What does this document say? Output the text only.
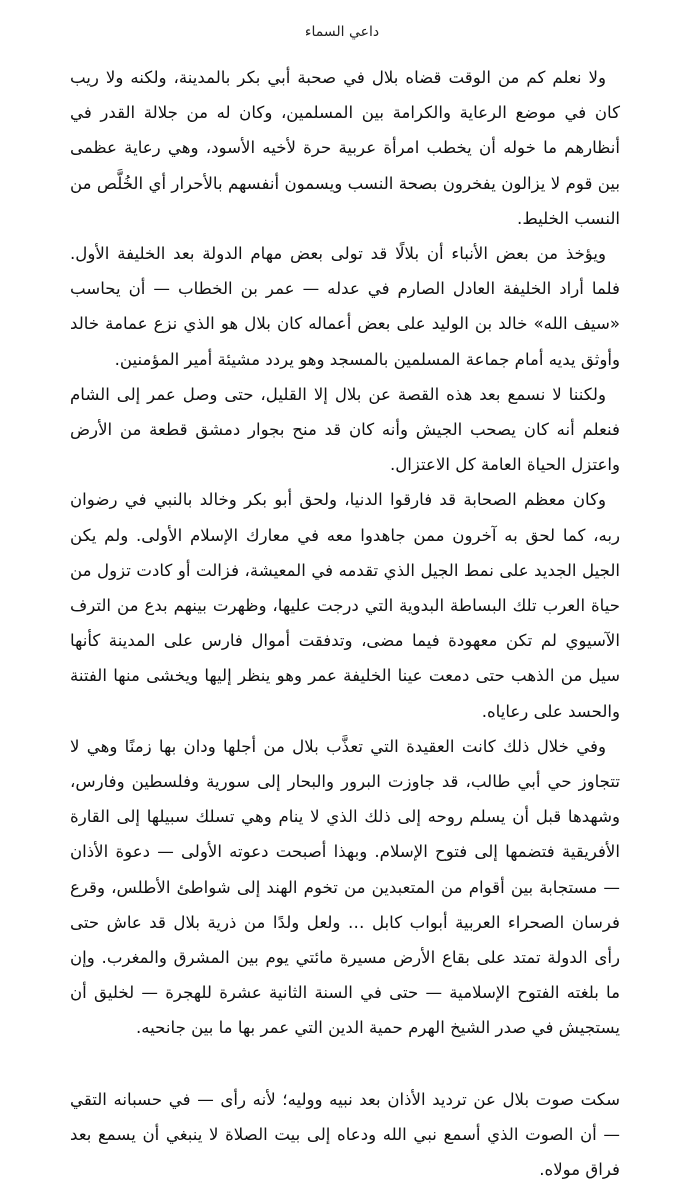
داعي السماء

ولا نعلم كم من الوقت قضاه بلال في صحبة أبي بكر بالمدينة، ولكنه ولا ريب كان في موضع الرعاية والكرامة بين المسلمين، وكان له من جلالة القدر في أنظارهم ما خوله أن يخطب امرأة عربية حرة لأخيه الأسود، وهي رعاية عظمى بين قوم لا يزالون يفخرون بصحة النسب ويسمون أنفسهم بالأحرار أي الخُلَّص من النسب الخليط.

ويؤخذ من بعض الأنباء أن بلالًا قد تولى بعض مهام الدولة بعد الخليفة الأول. فلما أراد الخليفة العادل الصارم في عدله — عمر بن الخطاب — أن يحاسب «سيف الله» خالد بن الوليد على بعض أعماله كان بلال هو الذي نزع عمامة خالد وأوثق يديه أمام جماعة المسلمين بالمسجد وهو يردد مشيئة أمير المؤمنين.

ولكننا لا نسمع بعد هذه القصة عن بلال إلا القليل، حتى وصل عمر إلى الشام فنعلم أنه كان يصحب الجيش وأنه كان قد منح بجوار دمشق قطعة من الأرض واعتزل الحياة العامة كل الاعتزال.

وكان معظم الصحابة قد فارقوا الدنيا، ولحق أبو بكر وخالد بالنبي في رضوان ربه، كما لحق به آخرون ممن جاهدوا معه في معارك الإسلام الأولى. ولم يكن الجيل الجديد على نمط الجيل الذي تقدمه في المعيشة، فزالت أو كادت تزول من حياة العرب تلك البساطة البدوية التي درجت عليها، وظهرت بينهم بدع من الترف الآسيوي لم تكن معهودة فيما مضى، وتدفقت أموال فارس على المدينة كأنها سيل من الذهب حتى دمعت عينا الخليفة عمر وهو ينظر إليها ويخشى منها الفتنة والحسد على رعاياه.

وفي خلال ذلك كانت العقيدة التي تعذَّب بلال من أجلها ودان بها زمنًا وهي لا تتجاوز حي أبي طالب، قد جاوزت البرور والبحار إلى سورية وفلسطين وفارس، وشهدها قبل أن يسلم روحه إلى ذلك الذي لا ينام وهي تسلك سبيلها إلى القارة الأفريقية فتضمها إلى فتوح الإسلام. وبهذا أصبحت دعوته الأولى — دعوة الأذان — مستجابة بين أقوام من المتعبدين من تخوم الهند إلى شواطئ الأطلس، وقرع فرسان الصحراء العربية أبواب كابل … ولعل ولدًا من ذرية بلال قد عاش حتى رأى الدولة تمتد على بقاع الأرض مسيرة مائتي يوم بين المشرق والمغرب. وإن ما بلغته الفتوح الإسلامية — حتى في السنة الثانية عشرة للهجرة — لخليق أن يستجيش في صدر الشيخ الهرم حمية الدين التي عمر بها ما بين جانحيه.

سكت صوت بلال عن ترديد الأذان بعد نبيه ووليه؛ لأنه رأى — في حسبانه التقي — أن الصوت الذي أسمع نبي الله ودعاه إلى بيت الصلاة لا ينبغي أن يسمع بعد فراق مولاه.
